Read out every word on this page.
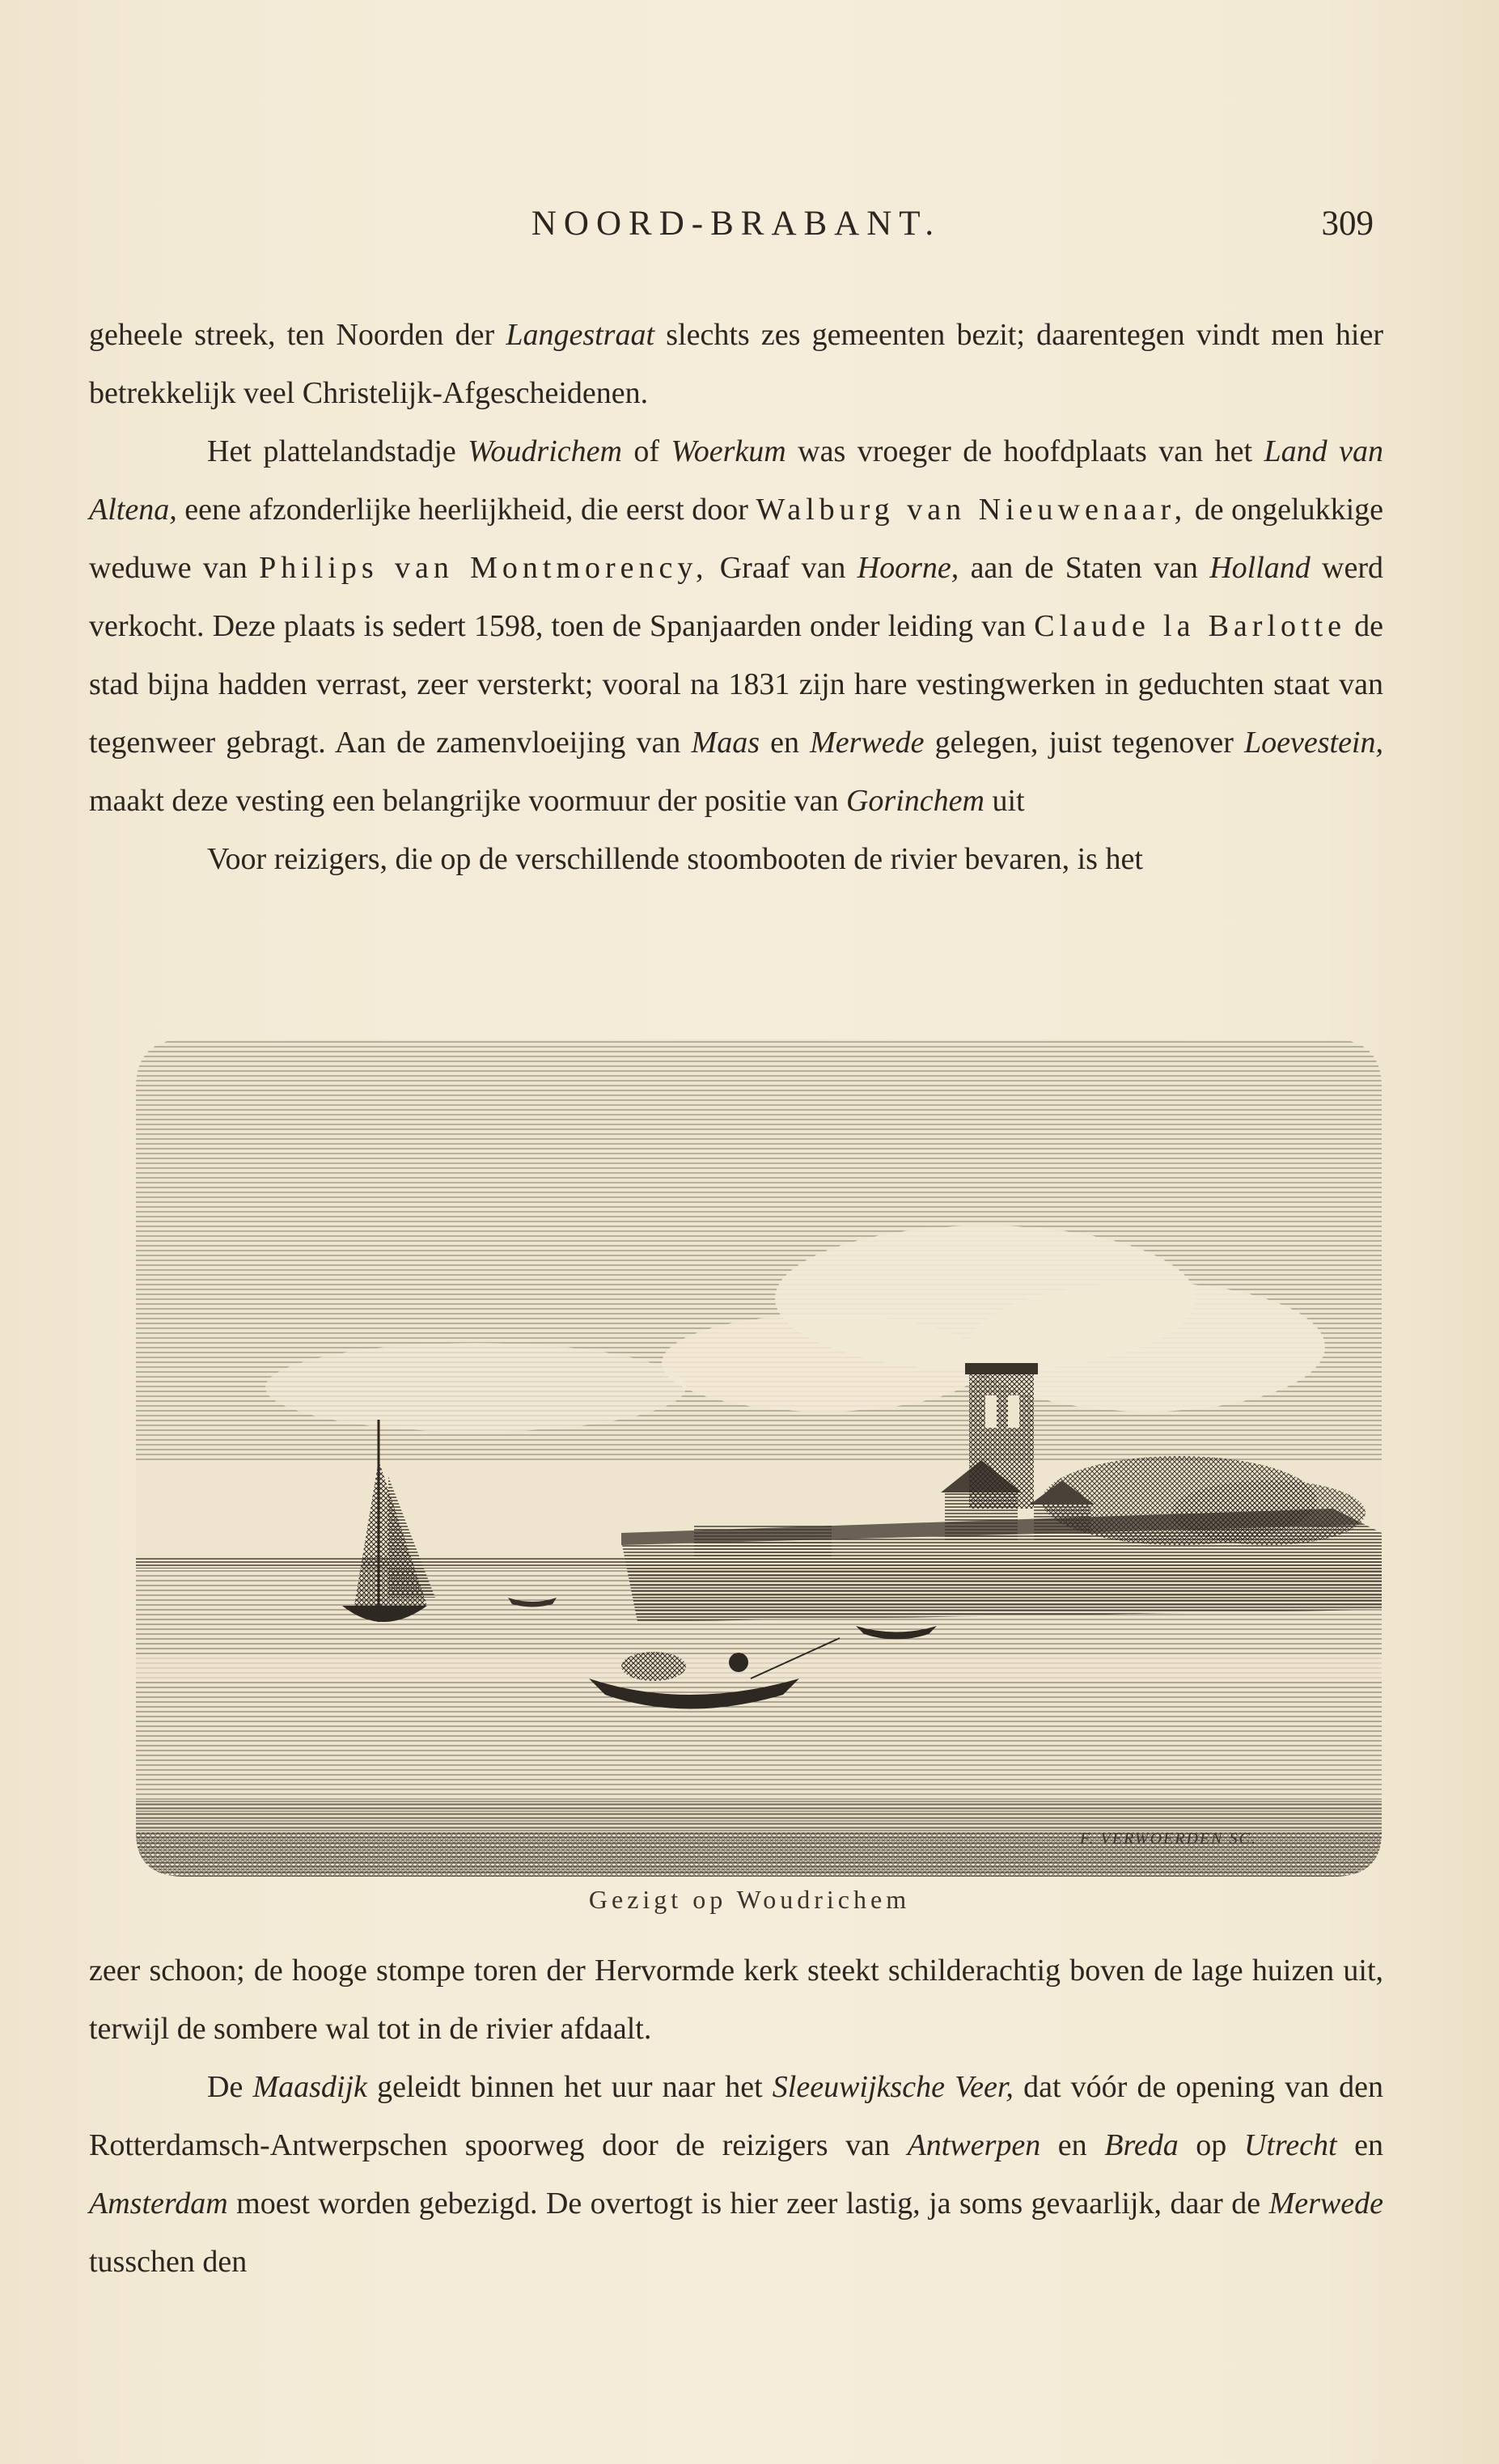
NOORD-BRABANT.	309

geheele streek, ten Noorden der Langestraat slechts zes gemeenten bezit; daarentegen vindt men hier betrekkelijk veel Christelijk-Afgescheidenen.

Het plattelandstadje Woudrichem of Woerkum was vroeger de hoofdplaats van het Land van Altena, eene afzonderlijke heerlijkheid, die eerst door Walburg van Nieuwenaar, de ongelukkige weduwe van Philips van Montmorency, Graaf van Hoorne, aan de Staten van Holland werd verkocht. Deze plaats is sedert 1598, toen de Spanjaarden onder leiding van Claude la Barlotte de stad bijna hadden verrast, zeer versterkt; vooral na 1831 zijn hare vestingwerken in geduchten staat van tegenweer gebragt. Aan de zamenvloeijing van Maas en Merwede gelegen, juist tegenover Loevestein, maakt deze vesting een belangrijke voormuur der positie van Gorinchem uit

Voor reizigers, die op de verschillende stoombooten de rivier bevaren, is het

F. VERWOERDEN SC.
Gezigt op Woudrichem

zeer schoon; de hooge stompe toren der Hervormde kerk steekt schilderachtig boven de lage huizen uit, terwijl de sombere wal tot in de rivier afdaalt.

De Maasdijk geleidt binnen het uur naar het Sleeuwijksche Veer, dat vóór de opening van den Rotterdamsch-Antwerpschen spoorweg door de reizigers van Antwerpen en Breda op Utrecht en Amsterdam moest worden gebezigd. De overtogt is hier zeer lastig, ja soms gevaarlijk, daar de Merwede tusschen den
